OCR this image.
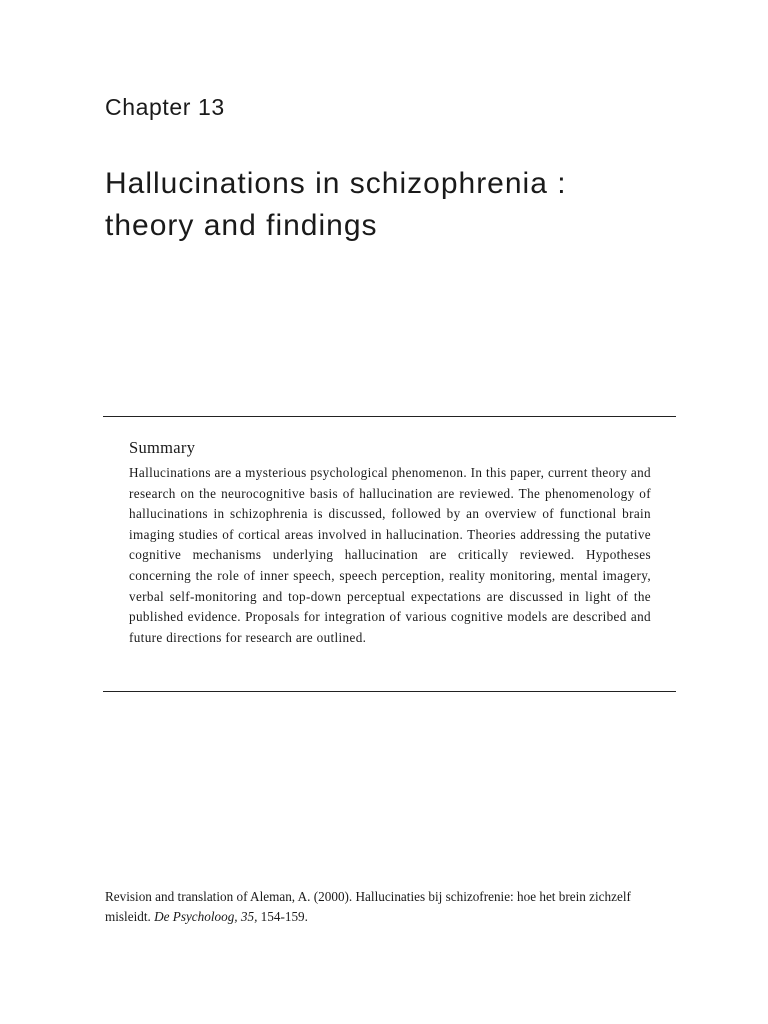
Chapter 13
Hallucinations in schizophrenia :
theory and findings
Summary

Hallucinations are a mysterious psychological phenomenon. In this paper, current theory and research on the neurocognitive basis of hallucination are reviewed. The phenomenology of hallucinations in schizophrenia is discussed, followed by an overview of functional brain imaging studies of cortical areas involved in hallucination. Theories addressing the putative cognitive mechanisms underlying hallucination are critically reviewed. Hypotheses concerning the role of inner speech, speech perception, reality monitoring, mental imagery, verbal self-monitoring and top-down perceptual expectations are discussed in light of the published evidence. Proposals for integration of various cognitive models are described and future directions for research are outlined.

Revision and translation of Aleman, A. (2000). Hallucinaties bij schizofrenie: hoe het brein zichzelf misleidt. De Psycholoog, 35, 154-159.
